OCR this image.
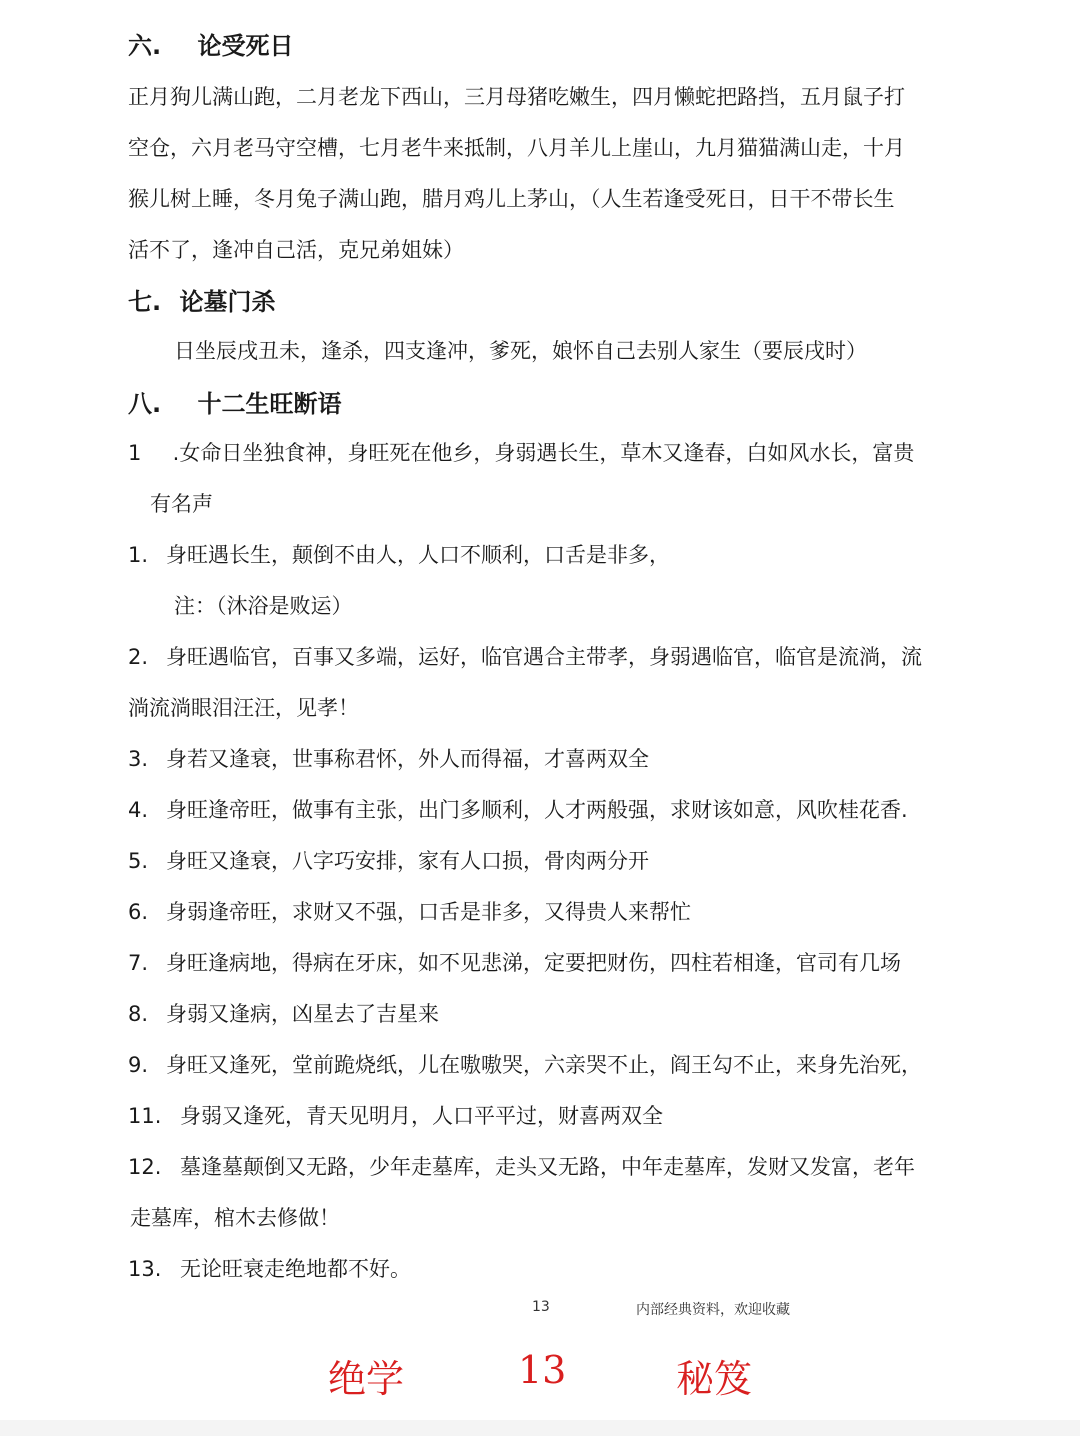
六. 论受死日
正月狗儿满山跑，二月老龙下西山，三月母猪吃嫩生，四月懒蛇把路挡，五月鼠子打
空仓，六月老马守空槽，七月老牛来抵制，八月羊儿上崖山，九月猫猫满山走，十月
猴儿树上睡，冬月兔子满山跑，腊月鸡儿上茅山，（人生若逢受死日，日干不带长生
活不了，逢冲自己活，克兄弟姐妹）
七. 论墓门杀
日坐辰戌丑未，逢杀，四支逢冲，爹死，娘怀自己去别人家生（要辰戌时）
八. 十二生旺断语
1 .女命日坐独食神，身旺死在他乡，身弱遇长生，草木又逢春，白如风水长，富贵
有名声
1. 身旺遇长生，颠倒不由人，人口不顺利，口舌是非多，
注：（沐浴是败运）
2. 身旺遇临官，百事又多端，运好，临官遇合主带孝，身弱遇临官，临官是流淌，流
淌流淌眼泪汪汪，见孝！
3. 身若又逢衰，世事称君怀，外人而得福，才喜两双全
4. 身旺逢帝旺，做事有主张，出门多顺利，人才两般强，求财该如意，风吹桂花香.
5. 身旺又逢衰，八字巧安排，家有人口损，骨肉两分开
6. 身弱逢帝旺，求财又不强，口舌是非多，又得贵人来帮忙
7. 身旺逢病地，得病在牙床，如不见悲涕，定要把财伤，四柱若相逢，官司有几场
8. 身弱又逢病，凶星去了吉星来
9. 身旺又逢死，堂前跪烧纸，儿在嗷嗷哭，六亲哭不止，阎王勾不止，来身先治死，
11. 身弱又逢死，青天见明月，人口平平过，财喜两双全
12. 墓逢墓颠倒又无路，少年走墓库，走头又无路，中年走墓库，发财又发富，老年
走墓库，棺木去修做！
13. 无论旺衰走绝地都不好。
13	内部经典资料，欢迎收藏
绝学	13	秘笈
